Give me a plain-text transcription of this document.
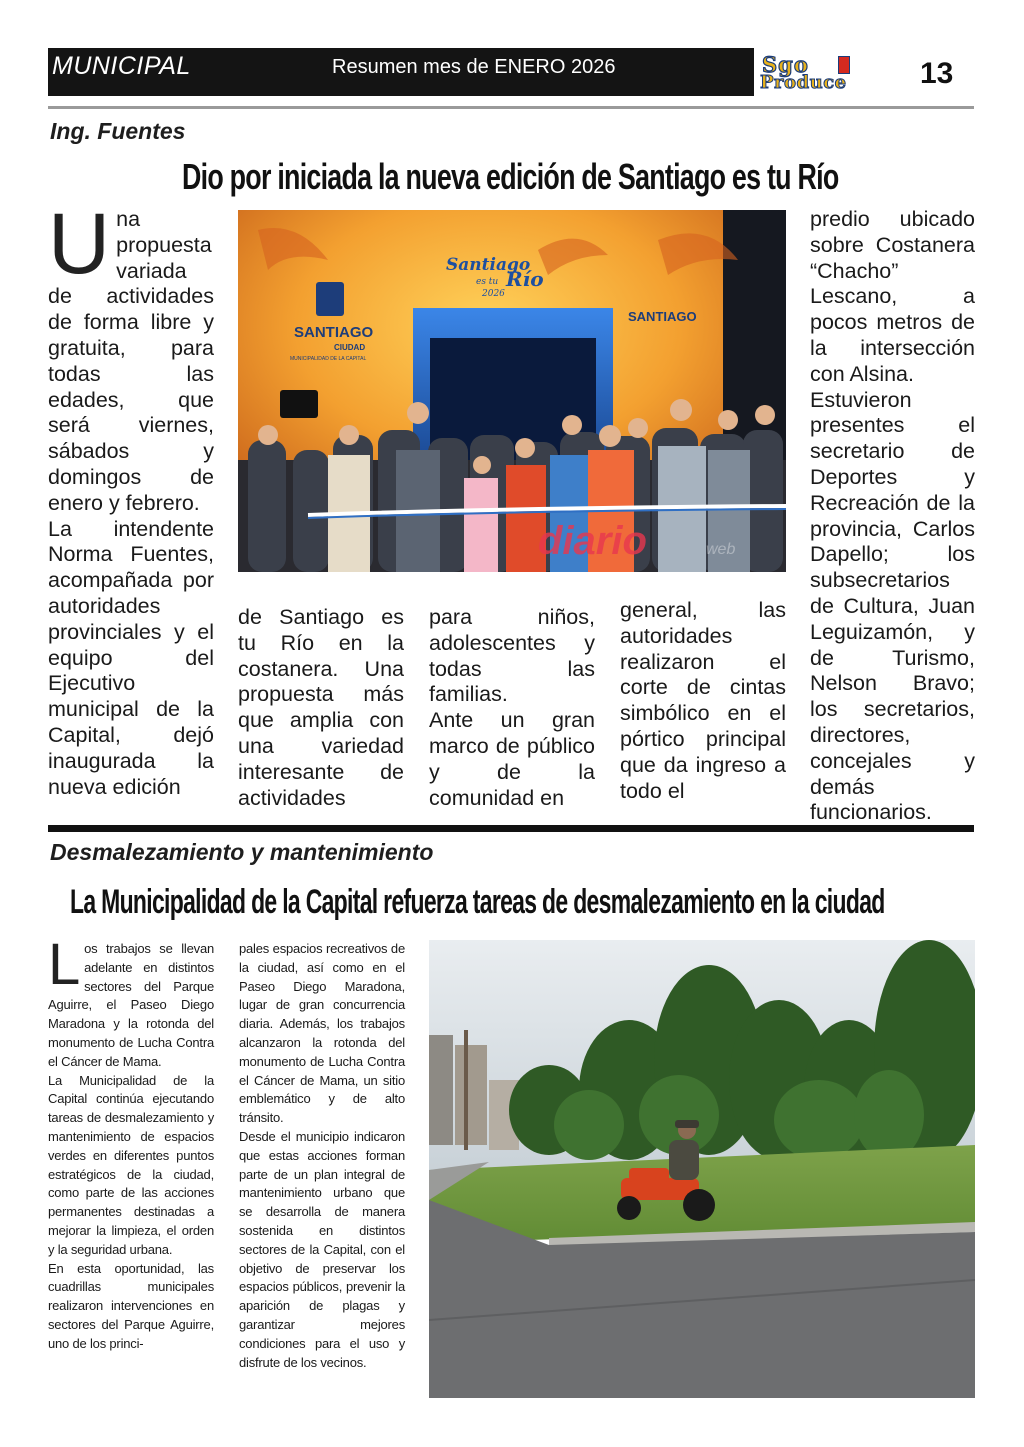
MUNICIPAL	Resumen mes de ENERO 2026	Sgo
Produce 13
Ing. Fuentes
Dio por iniciada la nueva edición de Santiago es tu Río
U na propuesta variada de actividades de forma libre y gratuita, para todas las edades, que será viernes, sábados y domingos de enero y febrero.

La intendente Norma Fuentes, acompañada por autoridades provinciales y el equipo del Ejecutivo municipal de la Capital, dejó inaugurada la nueva edición

SANTIAGO
CIUDAD
MUNICIPALIDAD DE LA CAPITAL
Santiago
es tu Río
2026
SANTIAGO
diario	web

de Santiago es tu Río en la costanera. Una propuesta más que amplia con una variedad interesante de actividades

para niños, adolescentes y todas las familias.

Ante un gran marco de público y de la comunidad en

general, las autoridades realizaron el corte de cintas simbólico en el pórtico principal que da ingreso a todo el

predio ubicado sobre Costanera “Chacho” Lescano, a pocos metros de la intersección con Alsina.

Estuvieron presentes el secretario de Deportes y Recreación de la provincia, Carlos Dapello; los subsecretarios de Cultura, Juan Leguizamón, y de Turismo, Nelson Bravo; los secretarios, directores, concejales y demás funcionarios.

Desmalezamiento y mantenimiento
La Municipalidad de la Capital refuerza tareas de desmalezamiento en la ciudad
L os trabajos se llevan adelante en distintos sectores del Parque Aguirre, el Paseo Diego Maradona y la rotonda del monumento de Lucha Contra el Cáncer de Mama.

La Municipalidad de la Capital continúa ejecutando tareas de desmalezamiento y mantenimiento de espacios verdes en diferentes puntos estratégicos de la ciudad, como parte de las acciones permanentes destinadas a mejorar la limpieza, el orden y la seguridad urbana.

En esta oportunidad, las cuadrillas municipales realizaron intervenciones en sectores del Parque Aguirre, uno de los princi-

pales espacios recreativos de la ciudad, así como en el Paseo Diego Maradona, lugar de gran concurrencia diaria. Además, los trabajos alcanzaron la rotonda del monumento de Lucha Contra el Cáncer de Mama, un sitio emblemático y de alto tránsito.

Desde el municipio indicaron que estas acciones forman parte de un plan integral de mantenimiento urbano que se desarrolla de manera sostenida en distintos sectores de la Capital, con el objetivo de preservar los espacios públicos, prevenir la aparición de plagas y garantizar mejores condiciones para el uso y disfrute de los vecinos.
